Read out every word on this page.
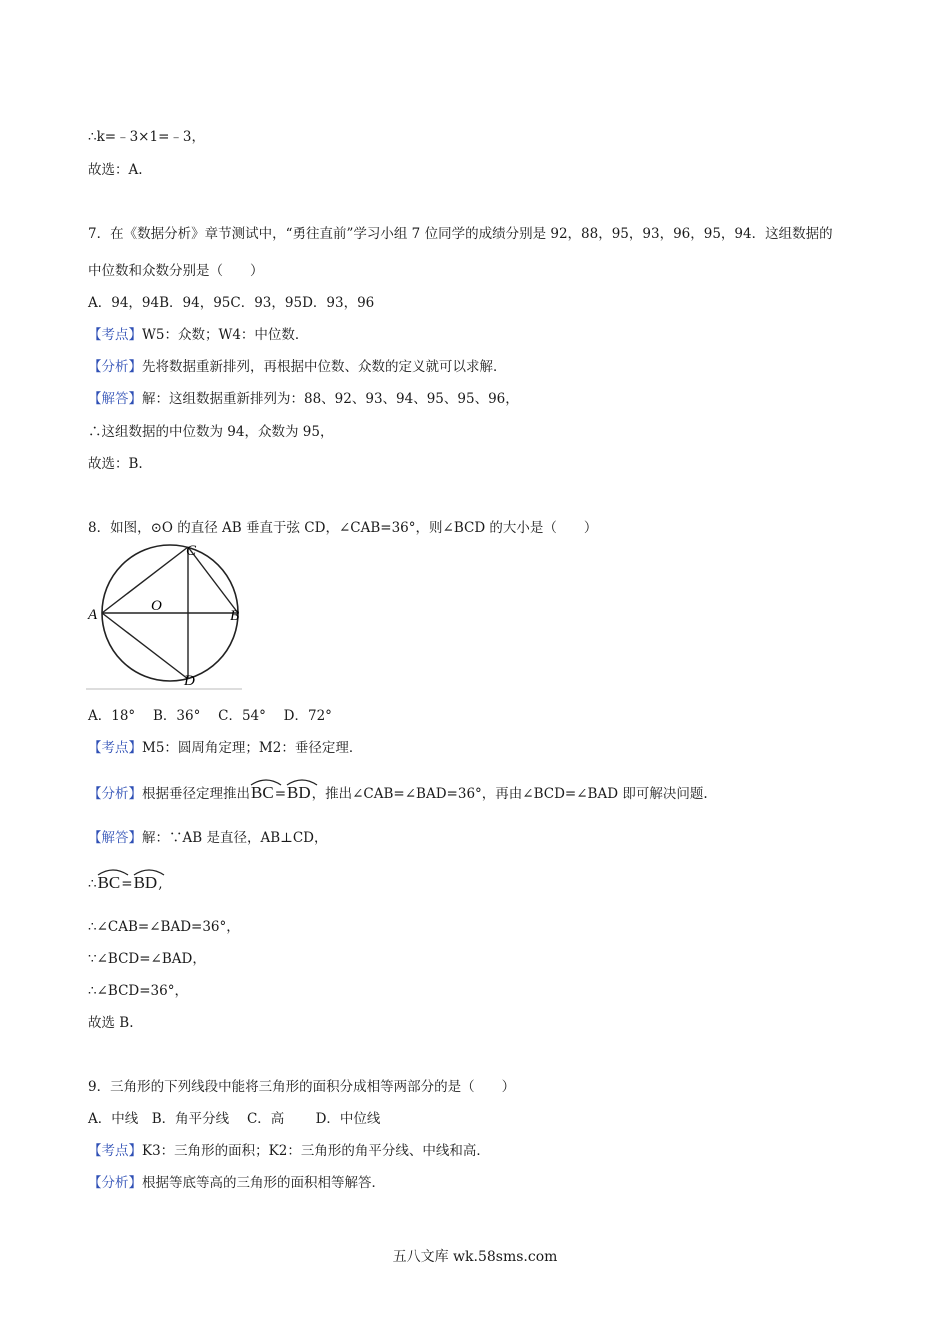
∴k=﹣3×1=﹣3，
故选：A.
7．在《数据分析》章节测试中，“勇往直前”学习小组 7 位同学的成绩分别是 92，88，95，93，96，95，94．这组数据的
中位数和众数分别是（　　）
A．94，94B．94，95C．93，95D．93，96
【考点】W5：众数；W4：中位数．
【分析】先将数据重新排列，再根据中位数、众数的定义就可以求解．
【解答】解：这组数据重新排列为：88、92、93、94、95、95、96，
∴这组数据的中位数为 94，众数为 95，
故选：B.
8．如图，⊙O 的直径 AB 垂直于弦 CD，∠CAB=36°，则∠BCD 的大小是（　　）
A	B
C
D
O
A．18°　 B．36°　 C．54°　 D．72°
【考点】M5：圆周角定理；M2：垂径定理．
【分析】根据垂径定理推出
BC=
BD，推出∠CAB=∠BAD=36°，再由∠BCD=∠BAD 即可解决问题.
【解答】解：∵AB 是直径，AB⊥CD，
∴
BC=
BD,
∴∠CAB=∠BAD=36°，
∵∠BCD=∠BAD，
∴∠BCD=36°，
故选 B.
9．三角形的下列线段中能将三角形的面积分成相等两部分的是（　　）
A．中线　B．角平分线　 C．高　　 D．中位线
【考点】K3：三角形的面积；K2：三角形的角平分线、中线和高．
【分析】根据等底等高的三角形的面积相等解答．
五八文库 wk.58sms.com
